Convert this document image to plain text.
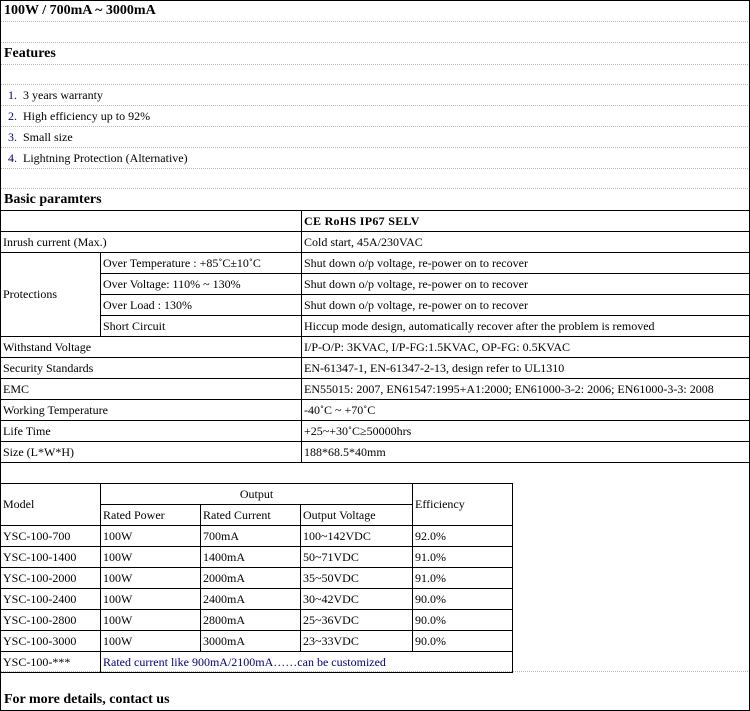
100W / 700mA ~ 3000mA
Features
1. 3 years warranty
2. High efficiency up to 92%
3. Small size
4. Lightning Protection (Alternative)
Basic paramters
		CE RoHS IP67 SELV
Inrush current (Max.)		Cold start, 45A/230VAC
Protections	Over Temperature : +85˚C±10˚C	Shut down o/p voltage, re-power on to recover
	Over Voltage: 110% ~ 130%	Shut down o/p voltage, re-power on to recover
	Over Load : 130%	Shut down o/p voltage, re-power on to recover
	Short Circuit	Hiccup mode design, automatically recover after the problem is removed
Withstand Voltage		I/P-O/P: 3KVAC, I/P-FG:1.5KVAC, OP-FG: 0.5KVAC
Security Standards		EN-61347-1, EN-61347-2-13, design refer to UL1310
EMC		EN55015: 2007, EN61547:1995+A1:2000; EN61000-3-2: 2006; EN61000-3-3: 2008
Working Temperature		-40˚C ~ +70˚C
Life Time		+25~+30˚C≥50000hrs
Size (L*W*H)		188*68.5*40mm
Model	Output			Efficiency
	Rated Power	Rated Current	Output Voltage	
YSC-100-700	100W	700mA	100~142VDC	92.0%
YSC-100-1400	100W	1400mA	50~71VDC	91.0%
YSC-100-2000	100W	2000mA	35~50VDC	91.0%
YSC-100-2400	100W	2400mA	30~42VDC	90.0%
YSC-100-2800	100W	2800mA	25~36VDC	90.0%
YSC-100-3000	100W	3000mA	23~33VDC	90.0%
YSC-100-***	Rated current like 900mA/2100mA……can be customized			
For more details, contact us
